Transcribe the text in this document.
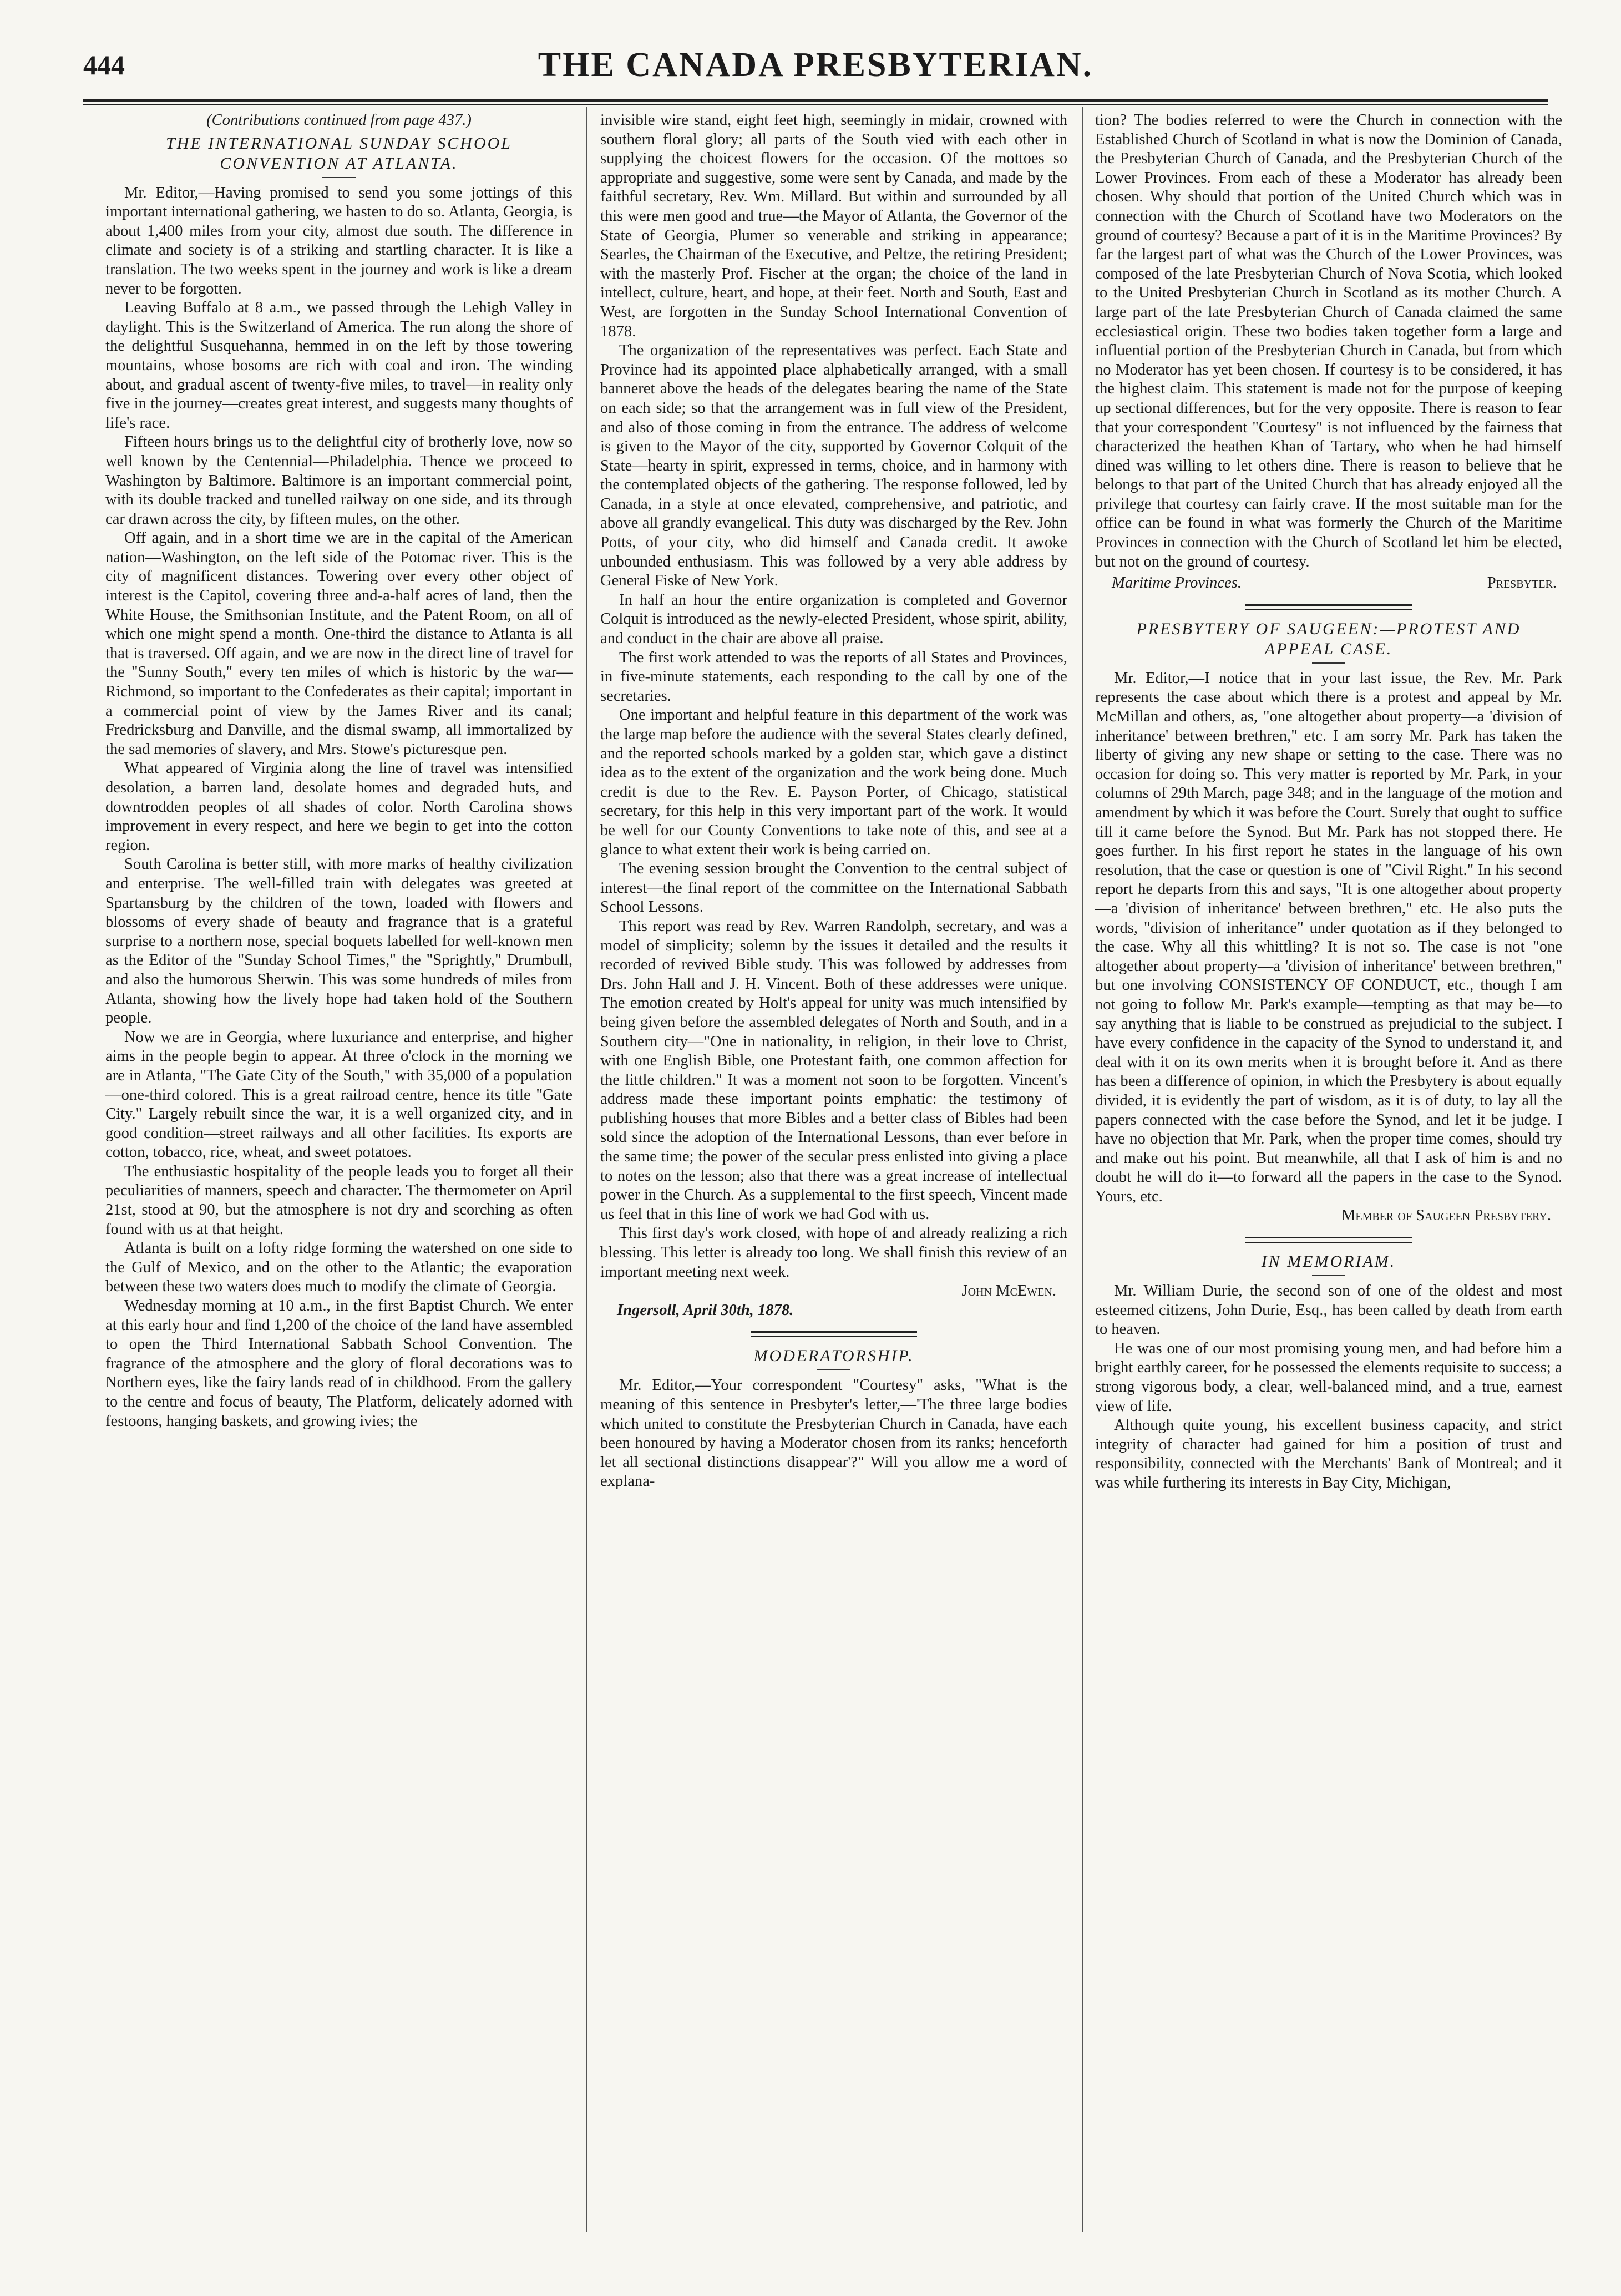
444	THE CANADA PRESBYTERIAN.
(Contributions continued from page 437.)
THE INTERNATIONAL SUNDAY SCHOOL CONVENTION AT ATLANTA.

Mr. Editor,—Having promised to send you some jottings of this important international gathering, we hasten to do so. Atlanta, Georgia, is about 1,400 miles from your city, almost due south. The difference in climate and society is of a striking and startling character. It is like a translation. The two weeks spent in the journey and work is like a dream never to be forgotten.

Leaving Buffalo at 8 a.m., we passed through the Lehigh Valley in daylight. This is the Switzerland of America. The run along the shore of the delightful Susquehanna, hemmed in on the left by those towering mountains, whose bosoms are rich with coal and iron. The winding about, and gradual ascent of twenty-five miles, to travel—in reality only five in the journey—creates great interest, and suggests many thoughts of life's race.

Fifteen hours brings us to the delightful city of brotherly love, now so well known by the Centennial—Philadelphia. Thence we proceed to Washington by Baltimore. Baltimore is an important commercial point, with its double tracked and tunelled railway on one side, and its through car drawn across the city, by fifteen mules, on the other.

Off again, and in a short time we are in the capital of the American nation—Washington, on the left side of the Potomac river. This is the city of magnificent distances. Towering over every other object of interest is the Capitol, covering three and-a-half acres of land, then the White House, the Smithsonian Institute, and the Patent Room, on all of which one might spend a month. One-third the distance to Atlanta is all that is traversed. Off again, and we are now in the direct line of travel for the "Sunny South," every ten miles of which is historic by the war—Richmond, so important to the Confederates as their capital; important in a commercial point of view by the James River and its canal; Fredricksburg and Danville, and the dismal swamp, all immortalized by the sad memories of slavery, and Mrs. Stowe's picturesque pen.

What appeared of Virginia along the line of travel was intensified desolation, a barren land, desolate homes and degraded huts, and downtrodden peoples of all shades of color. North Carolina shows improvement in every respect, and here we begin to get into the cotton region.

South Carolina is better still, with more marks of healthy civilization and enterprise. The well-filled train with delegates was greeted at Spartansburg by the children of the town, loaded with flowers and blossoms of every shade of beauty and fragrance that is a grateful surprise to a northern nose, special boquets labelled for well-known men as the Editor of the "Sunday School Times," the "Sprightly," Drumbull, and also the humorous Sherwin. This was some hundreds of miles from Atlanta, showing how the lively hope had taken hold of the Southern people.

Now we are in Georgia, where luxuriance and enterprise, and higher aims in the people begin to appear. At three o'clock in the morning we are in Atlanta, "The Gate City of the South," with 35,000 of a population—one-third colored. This is a great railroad centre, hence its title "Gate City." Largely rebuilt since the war, it is a well organized city, and in good condition—street railways and all other facilities. Its exports are cotton, tobacco, rice, wheat, and sweet potatoes.

The enthusiastic hospitality of the people leads you to forget all their peculiarities of manners, speech and character. The thermometer on April 21st, stood at 90, but the atmosphere is not dry and scorching as often found with us at that height.

Atlanta is built on a lofty ridge forming the watershed on one side to the Gulf of Mexico, and on the other to the Atlantic; the evaporation between these two waters does much to modify the climate of Georgia.

Wednesday morning at 10 a.m., in the first Baptist Church. We enter at this early hour and find 1,200 of the choice of the land have assembled to open the Third International Sabbath School Convention. The fragrance of the atmosphere and the glory of floral decorations was to Northern eyes, like the fairy lands read of in childhood. From the gallery to the centre and focus of beauty, The Platform, delicately adorned with festoons, hanging baskets, and growing ivies; the

invisible wire stand, eight feet high, seemingly in midair, crowned with southern floral glory; all parts of the South vied with each other in supplying the choicest flowers for the occasion. Of the mottoes so appropriate and suggestive, some were sent by Canada, and made by the faithful secretary, Rev. Wm. Millard. But within and surrounded by all this were men good and true—the Mayor of Atlanta, the Governor of the State of Georgia, Plumer so venerable and striking in appearance; Searles, the Chairman of the Executive, and Peltze, the retiring President; with the masterly Prof. Fischer at the organ; the choice of the land in intellect, culture, heart, and hope, at their feet. North and South, East and West, are forgotten in the Sunday School International Convention of 1878.

The organization of the representatives was perfect. Each State and Province had its appointed place alphabetically arranged, with a small banneret above the heads of the delegates bearing the name of the State on each side; so that the arrangement was in full view of the President, and also of those coming in from the entrance. The address of welcome is given to the Mayor of the city, supported by Governor Colquit of the State—hearty in spirit, expressed in terms, choice, and in harmony with the contemplated objects of the gathering. The response followed, led by Canada, in a style at once elevated, comprehensive, and patriotic, and above all grandly evangelical. This duty was discharged by the Rev. John Potts, of your city, who did himself and Canada credit. It awoke unbounded enthusiasm. This was followed by a very able address by General Fiske of New York.

In half an hour the entire organization is completed and Governor Colquit is introduced as the newly-elected President, whose spirit, ability, and conduct in the chair are above all praise.

The first work attended to was the reports of all States and Provinces, in five-minute statements, each responding to the call by one of the secretaries.

One important and helpful feature in this department of the work was the large map before the audience with the several States clearly defined, and the reported schools marked by a golden star, which gave a distinct idea as to the extent of the organization and the work being done. Much credit is due to the Rev. E. Payson Porter, of Chicago, statistical secretary, for this help in this very important part of the work. It would be well for our County Conventions to take note of this, and see at a glance to what extent their work is being carried on.

The evening session brought the Convention to the central subject of interest—the final report of the committee on the International Sabbath School Lessons.

This report was read by Rev. Warren Randolph, secretary, and was a model of simplicity; solemn by the issues it detailed and the results it recorded of revived Bible study. This was followed by addresses from Drs. John Hall and J. H. Vincent. Both of these addresses were unique. The emotion created by Holt's appeal for unity was much intensified by being given before the assembled delegates of North and South, and in a Southern city—"One in nationality, in religion, in their love to Christ, with one English Bible, one Protestant faith, one common affection for the little children." It was a moment not soon to be forgotten. Vincent's address made these important points emphatic: the testimony of publishing houses that more Bibles and a better class of Bibles had been sold since the adoption of the International Lessons, than ever before in the same time; the power of the secular press enlisted into giving a place to notes on the lesson; also that there was a great increase of intellectual power in the Church. As a supplemental to the first speech, Vincent made us feel that in this line of work we had God with us.

This first day's work closed, with hope of and already realizing a rich blessing. This letter is already too long. We shall finish this review of an important meeting next week.

John McEwen.
Ingersoll, April 30th, 1878.
MODERATORSHIP.

Mr. Editor,—Your correspondent "Courtesy" asks, "What is the meaning of this sentence in Presbyter's letter,—'The three large bodies which united to constitute the Presbyterian Church in Canada, have each been honoured by having a Moderator chosen from its ranks; henceforth let all sectional distinctions disappear'?" Will you allow me a word of explana-

tion? The bodies referred to were the Church in connection with the Established Church of Scotland in what is now the Dominion of Canada, the Presbyterian Church of Canada, and the Presbyterian Church of the Lower Provinces. From each of these a Moderator has already been chosen. Why should that portion of the United Church which was in connection with the Church of Scotland have two Moderators on the ground of courtesy? Because a part of it is in the Maritime Provinces? By far the largest part of what was the Church of the Lower Provinces, was composed of the late Presbyterian Church of Nova Scotia, which looked to the United Presbyterian Church in Scotland as its mother Church. A large part of the late Presbyterian Church of Canada claimed the same ecclesiastical origin. These two bodies taken together form a large and influential portion of the Presbyterian Church in Canada, but from which no Moderator has yet been chosen. If courtesy is to be considered, it has the highest claim. This statement is made not for the purpose of keeping up sectional differences, but for the very opposite. There is reason to fear that your correspondent "Courtesy" is not influenced by the fairness that characterized the heathen Khan of Tartary, who when he had himself dined was willing to let others dine. There is reason to believe that he belongs to that part of the United Church that has already enjoyed all the privilege that courtesy can fairly crave. If the most suitable man for the office can be found in what was formerly the Church of the Maritime Provinces in connection with the Church of Scotland let him be elected, but not on the ground of courtesy.

Maritime Provinces.	Presbyter.
PRESBYTERY OF SAUGEEN:—PROTEST AND APPEAL CASE.

Mr. Editor,—I notice that in your last issue, the Rev. Mr. Park represents the case about which there is a protest and appeal by Mr. McMillan and others, as, "one altogether about property—a 'division of inheritance' between brethren," etc. I am sorry Mr. Park has taken the liberty of giving any new shape or setting to the case. There was no occasion for doing so. This very matter is reported by Mr. Park, in your columns of 29th March, page 348; and in the language of the motion and amendment by which it was before the Court. Surely that ought to suffice till it came before the Synod. But Mr. Park has not stopped there. He goes further. In his first report he states in the language of his own resolution, that the case or question is one of "Civil Right." In his second report he departs from this and says, "It is one altogether about property—a 'division of inheritance' between brethren," etc. He also puts the words, "division of inheritance" under quotation as if they belonged to the case. Why all this whittling? It is not so. The case is not "one altogether about property—a 'division of inheritance' between brethren," but one involving CONSISTENCY OF CONDUCT, etc., though I am not going to follow Mr. Park's example—tempting as that may be—to say anything that is liable to be construed as prejudicial to the subject. I have every confidence in the capacity of the Synod to understand it, and deal with it on its own merits when it is brought before it. And as there has been a difference of opinion, in which the Presbytery is about equally divided, it is evidently the part of wisdom, as it is of duty, to lay all the papers connected with the case before the Synod, and let it be judge. I have no objection that Mr. Park, when the proper time comes, should try and make out his point. But meanwhile, all that I ask of him is and no doubt he will do it—to forward all the papers in the case to the Synod. Yours, etc.

Member of Saugeen Presbytery.
IN MEMORIAM.

Mr. William Durie, the second son of one of the oldest and most esteemed citizens, John Durie, Esq., has been called by death from earth to heaven.

He was one of our most promising young men, and had before him a bright earthly career, for he possessed the elements requisite to success; a strong vigorous body, a clear, well-balanced mind, and a true, earnest view of life.

Although quite young, his excellent business capacity, and strict integrity of character had gained for him a position of trust and responsibility, connected with the Merchants' Bank of Montreal; and it was while furthering its interests in Bay City, Michigan,
